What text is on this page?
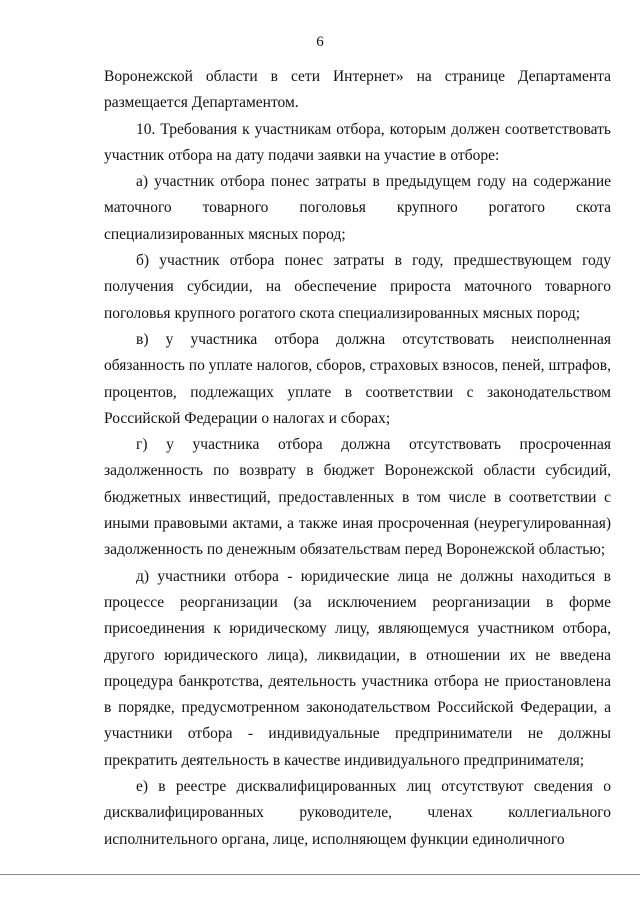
6

Воронежской области в сети Интернет» на странице Департамента размещается Департаментом.

10. Требования к участникам отбора, которым должен соответствовать участник отбора на дату подачи заявки на участие в отборе:

а) участник отбора понес затраты в предыдущем году на содержание маточного товарного поголовья крупного рогатого скота специализированных мясных пород;

б) участник отбора понес затраты в году, предшествующем году получения субсидии, на обеспечение прироста маточного товарного поголовья крупного рогатого скота специализированных мясных пород;

в) у участника отбора должна отсутствовать неисполненная обязанность по уплате налогов, сборов, страховых взносов, пеней, штрафов, процентов, подлежащих уплате в соответствии с законодательством Российской Федерации о налогах и сборах;

г) у участника отбора должна отсутствовать просроченная задолженность по возврату в бюджет Воронежской области субсидий, бюджетных инвестиций, предоставленных в том числе в соответствии с иными правовыми актами, а также иная просроченная (неурегулированная) задолженность по денежным обязательствам перед Воронежской областью;

д) участники отбора - юридические лица не должны находиться в процессе реорганизации (за исключением реорганизации в форме присоединения к юридическому лицу, являющемуся участником отбора, другого юридического лица), ликвидации, в отношении их не введена процедура банкротства, деятельность участника отбора не приостановлена в порядке, предусмотренном законодательством Российской Федерации, а участники отбора - индивидуальные предприниматели не должны прекратить деятельность в качестве индивидуального предпринимателя;

е) в реестре дисквалифицированных лиц отсутствуют сведения о дисквалифицированных руководителе, членах коллегиального исполнительного органа, лице, исполняющем функции единоличного
